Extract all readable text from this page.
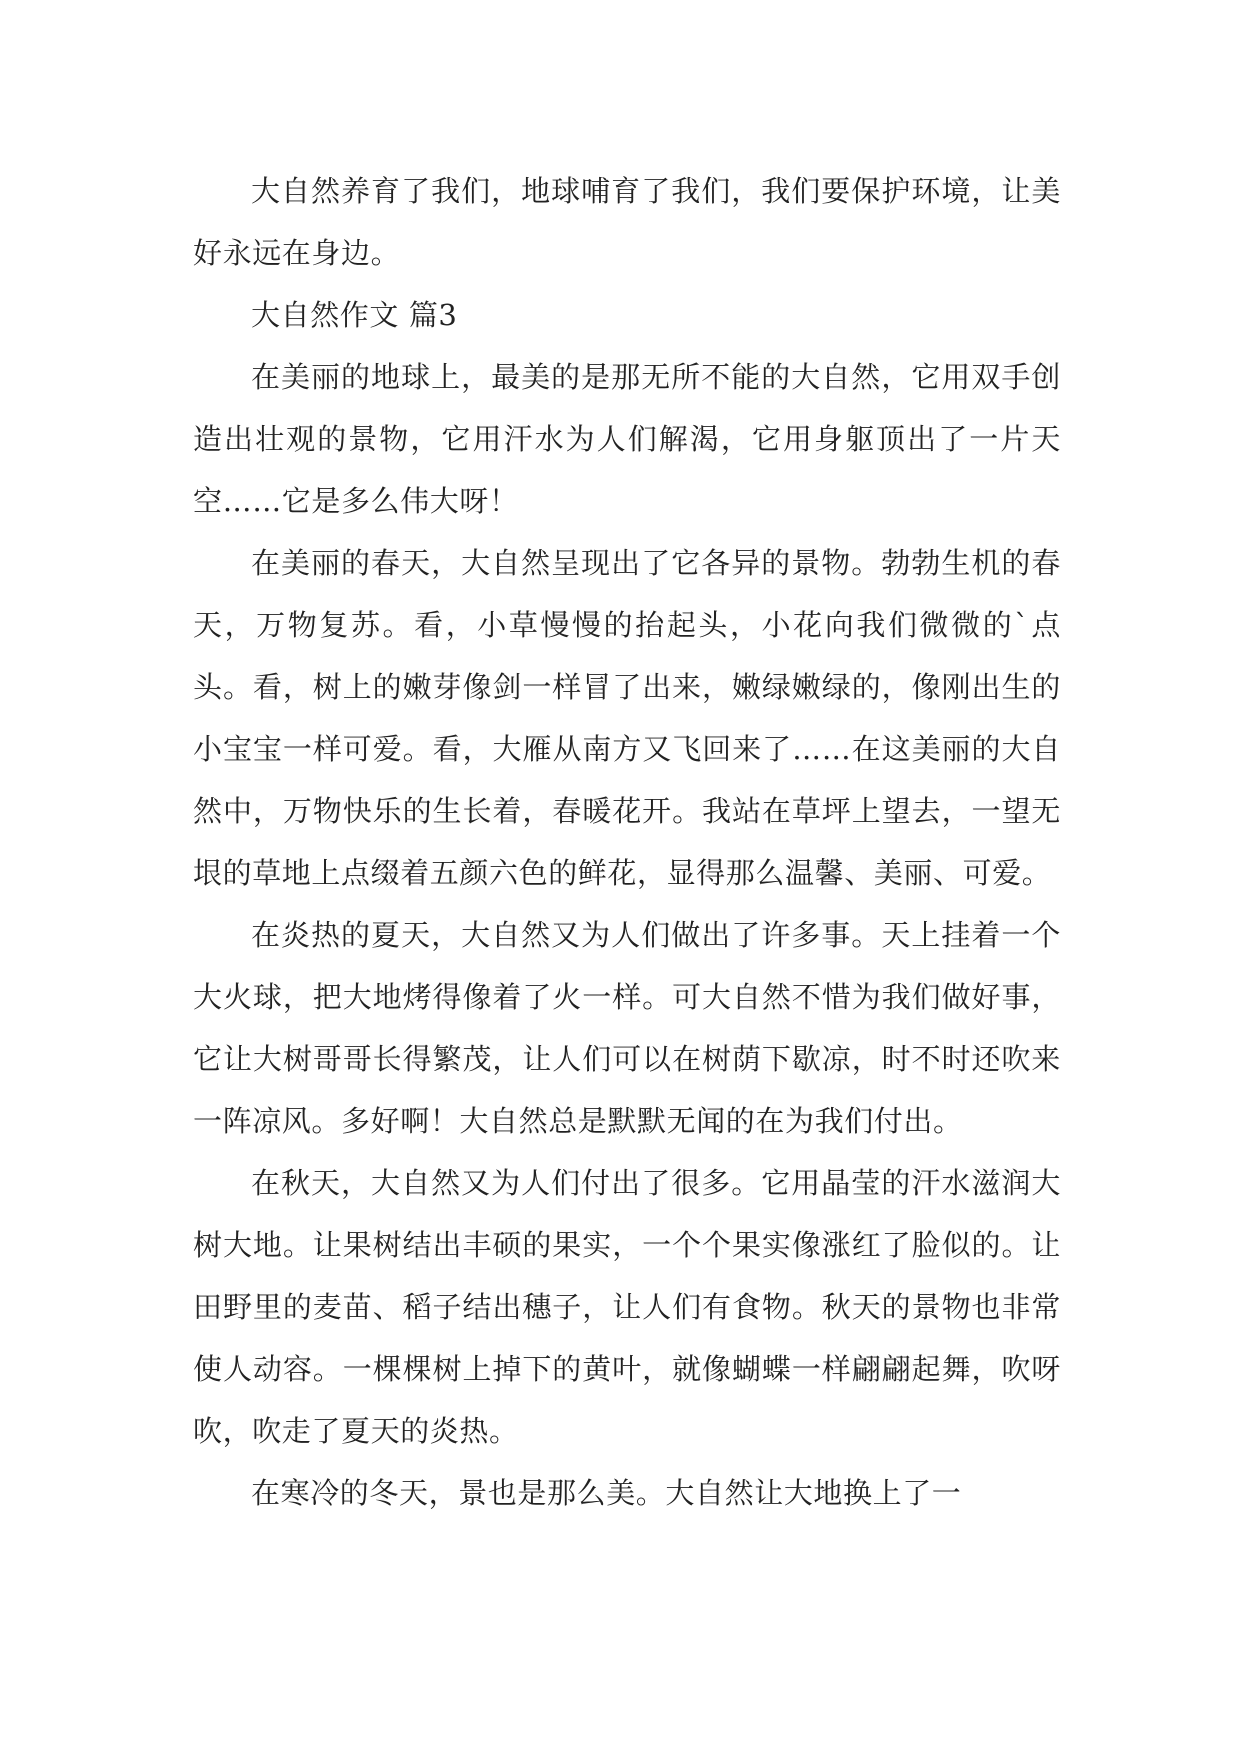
大自然养育了我们，地球哺育了我们，我们要保护环境，让美好永远在身边。

大自然作文 篇3

在美丽的地球上，最美的是那无所不能的大自然，它用双手创造出壮观的景物，它用汗水为人们解渴，它用身躯顶出了一片天空……它是多么伟大呀！

在美丽的春天，大自然呈现出了它各异的景物。勃勃生机的春天，万物复苏。看，小草慢慢的抬起头，小花向我们微微的`点头。看，树上的嫩芽像剑一样冒了出来，嫩绿嫩绿的，像刚出生的小宝宝一样可爱。看，大雁从南方又飞回来了……在这美丽的大自然中，万物快乐的生长着，春暖花开。我站在草坪上望去，一望无垠的草地上点缀着五颜六色的鲜花，显得那么温馨、美丽、可爱。

在炎热的夏天，大自然又为人们做出了许多事。天上挂着一个大火球，把大地烤得像着了火一样。可大自然不惜为我们做好事，它让大树哥哥长得繁茂，让人们可以在树荫下歇凉，时不时还吹来一阵凉风。多好啊！大自然总是默默无闻的在为我们付出。

在秋天，大自然又为人们付出了很多。它用晶莹的汗水滋润大树大地。让果树结出丰硕的果实，一个个果实像涨红了脸似的。让田野里的麦苗、稻子结出穗子，让人们有食物。秋天的景物也非常使人动容。一棵棵树上掉下的黄叶，就像蝴蝶一样翩翩起舞，吹呀吹，吹走了夏天的炎热。

在寒冷的冬天，景也是那么美。大自然让大地换上了一
